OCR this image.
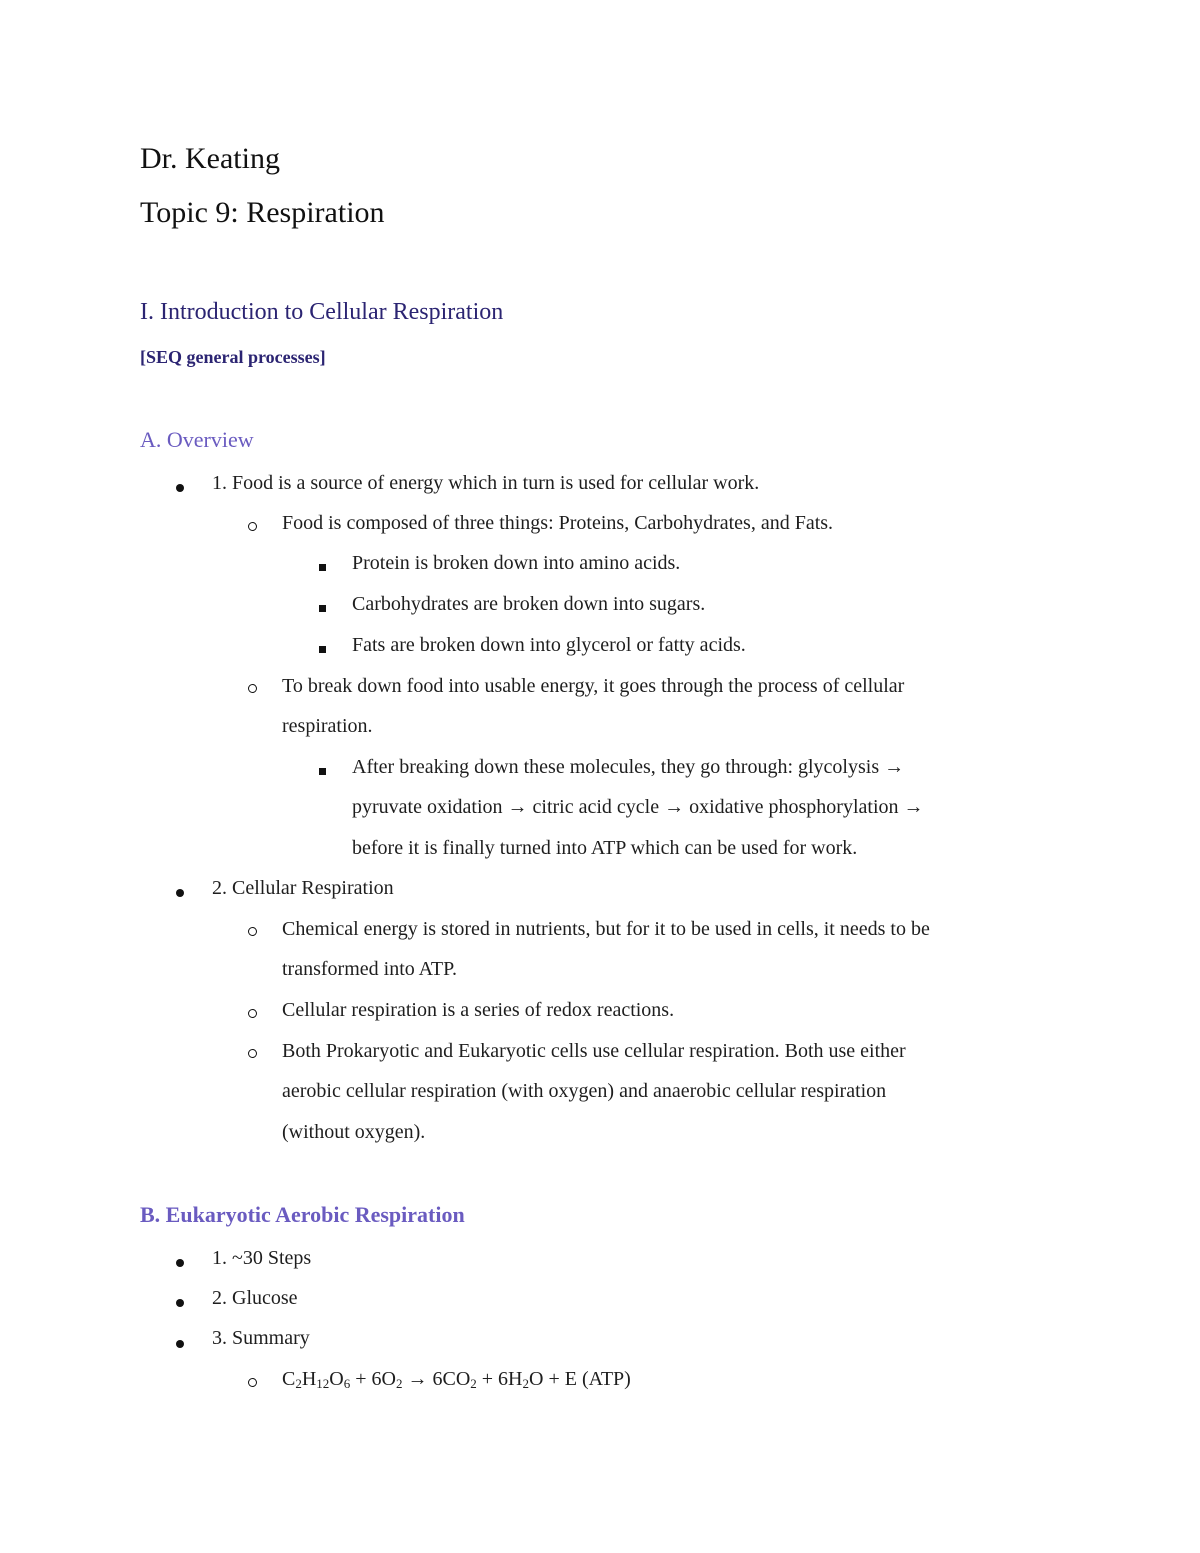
Dr. Keating
Topic 9: Respiration
I. Introduction to Cellular Respiration
[SEQ general processes]
A. Overview
1. Food is a source of energy which in turn is used for cellular work.
Food is composed of three things: Proteins, Carbohydrates, and Fats.
Protein is broken down into amino acids.
Carbohydrates are broken down into sugars.
Fats are broken down into glycerol or fatty acids.
To break down food into usable energy, it goes through the process of cellular
respiration.
After breaking down these molecules, they go through: glycolysis →
pyruvate oxidation → citric acid cycle → oxidative phosphorylation →
before it is finally turned into ATP which can be used for work.
2. Cellular Respiration
Chemical energy is stored in nutrients, but for it to be used in cells, it needs to be
transformed into ATP.
Cellular respiration is a series of redox reactions.
Both Prokaryotic and Eukaryotic cells use cellular respiration. Both use either
aerobic cellular respiration (with oxygen) and anaerobic cellular respiration
(without oxygen).
B. Eukaryotic Aerobic Respiration
1. ~30 Steps
2. Glucose
3. Summary
$C_2H_{12}O_6 + 6O_2 \to 6CO_2 + 6H_2O + E$ (ATP)
